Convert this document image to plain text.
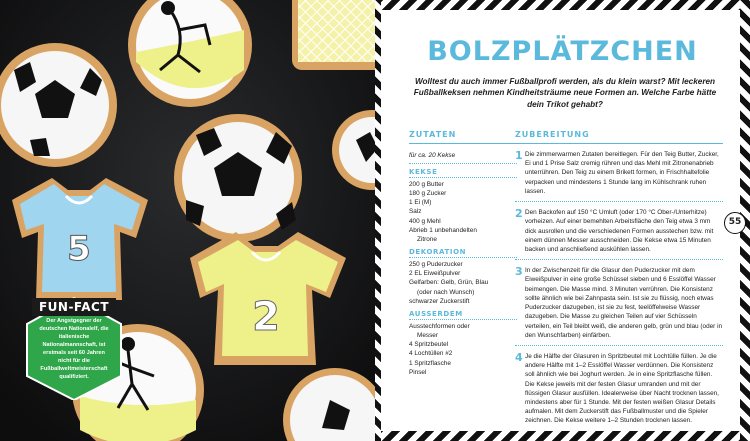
5
2
FUN-FACT
Der Angstgegner der deutschen Nationalelf, die italienische Nationalmannschaft, ist erstmals seit 60 Jahren nicht für die Fußballweltmeisterschaft qualifiziert.
BOLZPLÄTZCHEN

Wolltest du auch immer Fußballprofi werden, als du klein warst? Mit leckeren Fußballkeksen nehmen Kindheitsträume neue Formen an. Welche Farbe hätte dein Trikot gehabt?

ZUTATEN
für ca. 20 Kekse
KEKSE
200 g Butter
180 g Zucker
1 Ei (M)
Salz
400 g Mehl
Abrieb 1 unbehandelten
Zitrone
DEKORATION
250 g Puderzucker
2 EL Eiweißpulver
Gelfarben: Gelb, Grün, Blau
(oder nach Wunsch)
schwarzer Zuckerstift
AUSSERDEM
Ausstechformen oder
Messer
4 Spritzbeutel
4 Lochtüllen #2
1 Spritzflasche
Pinsel
ZUBEREITUNG
1 Die zimmerwarmen Zutaten bereitlegen. Für den Teig Butter, Zucker, Ei und 1 Prise Salz cremig rühren und das Mehl mit Zitronenabrieb unterrühren. Den Teig zu einem Brikett formen, in Frischhaltefolie verpacken und mindestens 1 Stunde lang im Kühlschrank ruhen lassen.
2 Den Backofen auf 150 °C Umluft (oder 170 °C Ober-/Unterhitze) vorheizen. Auf einer bemehlten Arbeitsfläche den Teig etwa 3 mm dick ausrollen und die verschiedenen Formen ausstechen bzw. mit einem dünnen Messer ausschneiden. Die Kekse etwa 15 Minuten backen und anschließend auskühlen lassen.
3 In der Zwischenzeit für die Glasur den Puderzucker mit dem Eiweißpulver in eine große Schüssel sieben und 6 Esslöffel Wasser beimengen. Die Masse mind. 3 Minuten verrühren. Die Konsistenz sollte ähnlich wie bei Zahnpasta sein. Ist sie zu flüssig, noch etwas Puderzucker dazugeben, ist sie zu fest, teelöffelweise Wasser dazugeben. Die Masse zu gleichen Teilen auf vier Schüsseln verteilen, ein Teil bleibt weiß, die anderen gelb, grün und blau (oder in den Wunschfarben) einfärben.
4 Je die Hälfte der Glasuren in Spritzbeutel mit Lochtülle füllen. Je die andere Hälfte mit 1–2 Esslöffel Wasser verdünnen. Die Konsistenz soll ähnlich wie bei Joghurt werden. Je in eine Spritzflasche füllen. Die Kekse jeweils mit der festen Glasur umranden und mit der flüssigen Glasur ausfüllen. Idealerweise über Nacht trocknen lassen, mindestens aber für 1 Stunde. Mit der festen weißen Glasur Details aufmalen. Mit dem Zuckerstift das Fußballmuster und die Spieler zeichnen. Die Kekse weitere 1–2 Stunden trocknen lassen.
55
